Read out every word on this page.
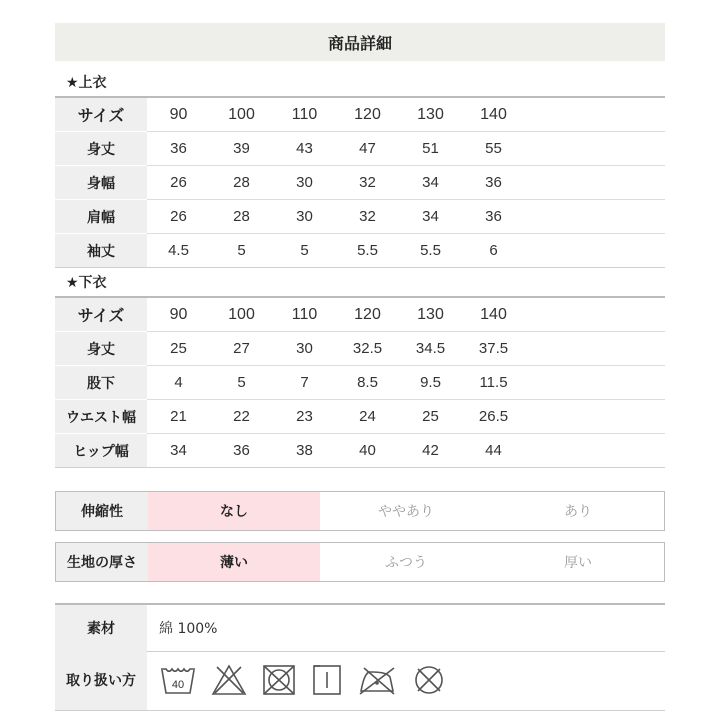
商品詳細
★上衣
サイズ	90	100	110	120	130	140	
身丈	36	39	43	47	51	55	
身幅	26	28	30	32	34	36	
肩幅	26	28	30	32	34	36	
袖丈	4.5	5	5	5.5	5.5	6	
★下衣
サイズ	90	100	110	120	130	140	
身丈	25	27	30	32.5	34.5	37.5	
股下	4	5	7	8.5	9.5	11.5	
ウエスト幅	21	22	23	24	25	26.5	
ヒップ幅	34	36	38	40	42	44	
伸縮性	なし	ややあり	あり
生地の厚さ	薄い	ふつう	厚い
素材	綿 100%
取り扱い方	40
